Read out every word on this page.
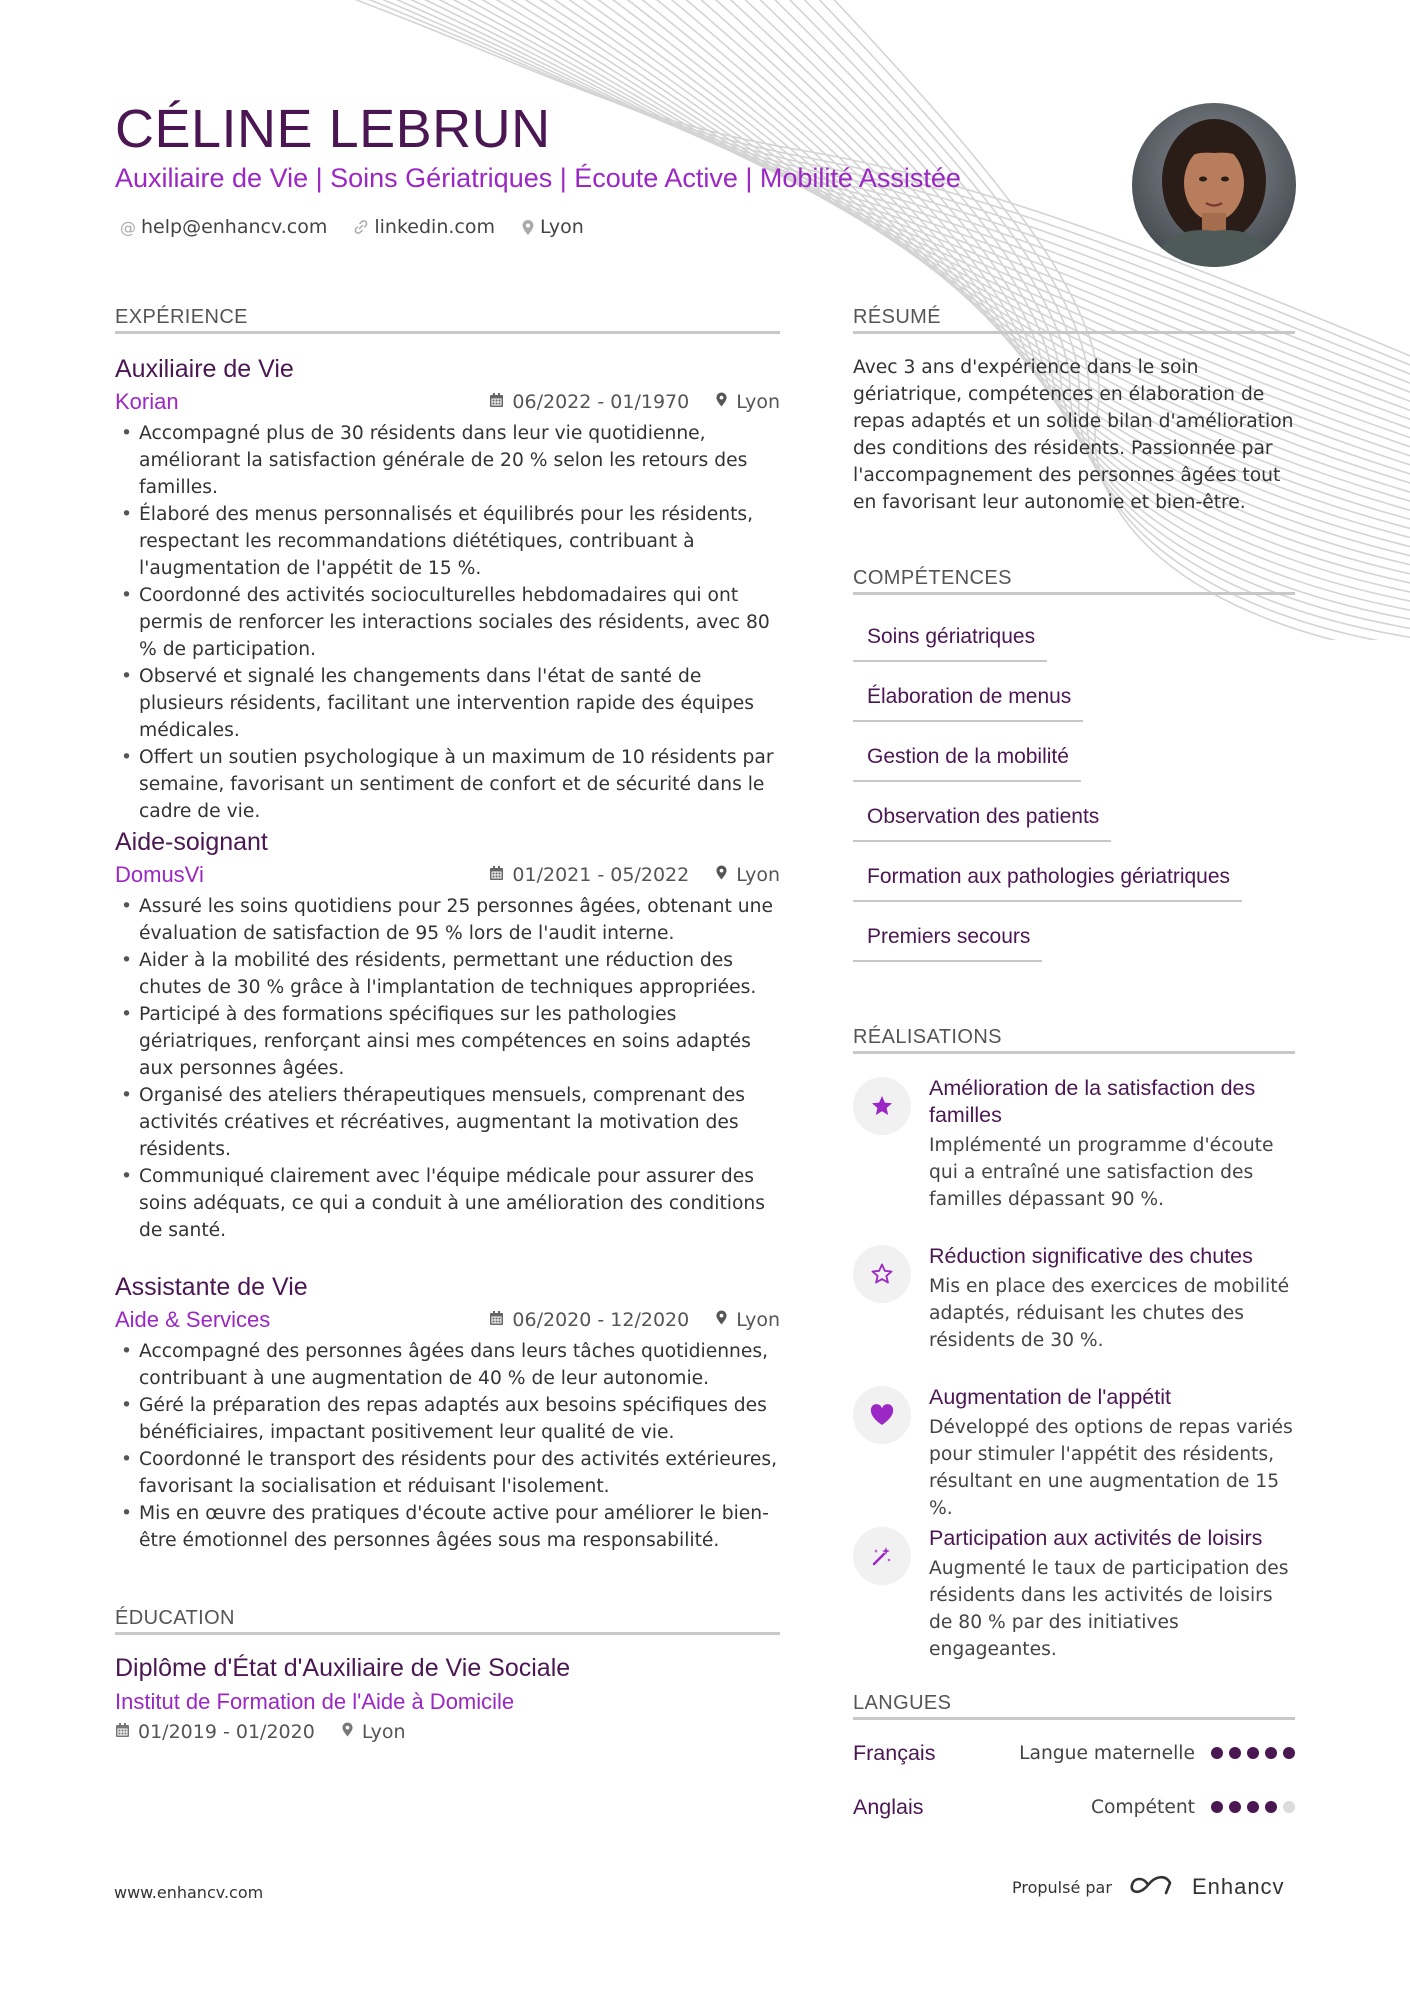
CÉLINE LEBRUN
Auxiliaire de Vie | Soins Gériatriques | Écoute Active | Mobilité Assistée
@ help@enhancv.com linkedin.com Lyon
EXPÉRIENCE
Auxiliaire de Vie
Korian	06/2022 - 01/1970 Lyon
• Accompagné plus de 30 résidents dans leur vie quotidienne, améliorant la satisfaction générale de 20 % selon les retours des familles.
• Élaboré des menus personnalisés et équilibrés pour les résidents, respectant les recommandations diététiques, contribuant à l'augmentation de l'appétit de 15 %.
• Coordonné des activités socioculturelles hebdomadaires qui ont permis de renforcer les interactions sociales des résidents, avec 80 % de participation.
• Observé et signalé les changements dans l'état de santé de plusieurs résidents, facilitant une intervention rapide des équipes médicales.
• Offert un soutien psychologique à un maximum de 10 résidents par semaine, favorisant un sentiment de confort et de sécurité dans le cadre de vie.
Aide-soignant
DomusVi	01/2021 - 05/2022 Lyon
• Assuré les soins quotidiens pour 25 personnes âgées, obtenant une évaluation de satisfaction de 95 % lors de l'audit interne.
• Aider à la mobilité des résidents, permettant une réduction des chutes de 30 % grâce à l'implantation de techniques appropriées.
• Participé à des formations spécifiques sur les pathologies gériatriques, renforçant ainsi mes compétences en soins adaptés aux personnes âgées.
• Organisé des ateliers thérapeutiques mensuels, comprenant des activités créatives et récréatives, augmentant la motivation des résidents.
• Communiqué clairement avec l'équipe médicale pour assurer des soins adéquats, ce qui a conduit à une amélioration des conditions de santé.
Assistante de Vie
Aide & Services	06/2020 - 12/2020 Lyon
• Accompagné des personnes âgées dans leurs tâches quotidiennes, contribuant à une augmentation de 40 % de leur autonomie.
• Géré la préparation des repas adaptés aux besoins spécifiques des bénéficiaires, impactant positivement leur qualité de vie.
• Coordonné le transport des résidents pour des activités extérieures, favorisant la socialisation et réduisant l'isolement.
• Mis en œuvre des pratiques d'écoute active pour améliorer le bien-être émotionnel des personnes âgées sous ma responsabilité.
ÉDUCATION
Diplôme d'État d'Auxiliaire de Vie Sociale
Institut de Formation de l'Aide à Domicile
01/2019 - 01/2020 Lyon
RÉSUMÉ
Avec 3 ans d'expérience dans le soin gériatrique, compétences en élaboration de repas adaptés et un solide bilan d'amélioration des conditions des résidents. Passionnée par l'accompagnement des personnes âgées tout en favorisant leur autonomie et bien-être.
COMPÉTENCES
Soins gériatriques
Élaboration de menus
Gestion de la mobilité
Observation des patients
Formation aux pathologies gériatriques
Premiers secours
RÉALISATIONS
Amélioration de la satisfaction des familles
Implémenté un programme d'écoute qui a entraîné une satisfaction des familles dépassant 90 %.
Réduction significative des chutes
Mis en place des exercices de mobilité adaptés, réduisant les chutes des résidents de 30 %.
Augmentation de l'appétit
Développé des options de repas variés pour stimuler l'appétit des résidents, résultant en une augmentation de 15 %.
Participation aux activités de loisirs
Augmenté le taux de participation des résidents dans les activités de loisirs de 80 % par des initiatives engageantes.
LANGUES
Français	Langue maternelle
Anglais	Compétent
www.enhancv.com	Propulsé par	Enhancv
